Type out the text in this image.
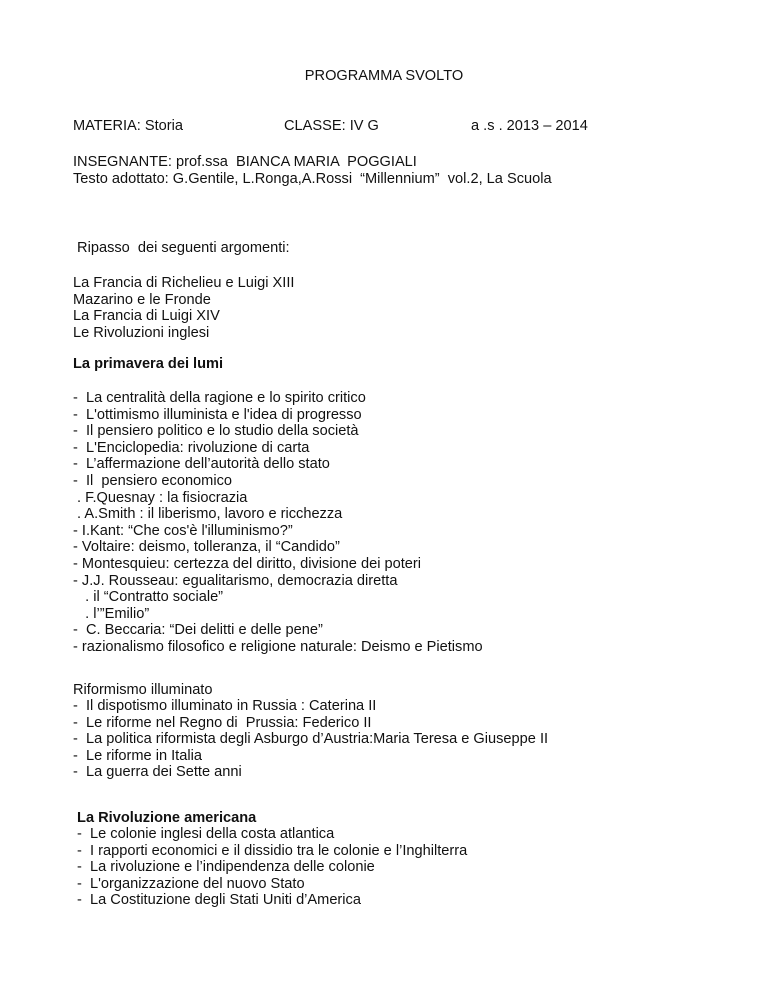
PROGRAMMA SVOLTO
MATERIA: Storia	CLASSE: IV G	a .s . 2013 – 2014
INSEGNANTE: prof.ssa  BIANCA MARIA  POGGIALI
Testo adottato: G.Gentile, L.Ronga,A.Rossi  “Millennium”  vol.2, La Scuola
Ripasso  dei seguenti argomenti:
La Francia di Richelieu e Luigi XIII
Mazarino e le Fronde
La Francia di Luigi XIV
Le Rivoluzioni inglesi
La primavera dei lumi
-  La centralità della ragione e lo spirito critico
-  L'ottimismo illuminista e l'idea di progresso
-  Il pensiero politico e lo studio della società
-  L'Enciclopedia: rivoluzione di carta
-  L’affermazione dell’autorità dello stato
-  Il  pensiero economico
. F.Quesnay : la fisiocrazia
. A.Smith : il liberismo, lavoro e ricchezza
- I.Kant: “Che cos'è l'illuminismo?”
- Voltaire: deismo, tolleranza, il “Candido”
- Montesquieu: certezza del diritto, divisione dei poteri
- J.J. Rousseau: egualitarismo, democrazia diretta
. il “Contratto sociale”
. l’”Emilio”
-  C. Beccaria: “Dei delitti e delle pene”
- razionalismo filosofico e religione naturale: Deismo e Pietismo
Riformismo illuminato
-  Il dispotismo illuminato in Russia : Caterina II
-  Le riforme nel Regno di  Prussia: Federico II
-  La politica riformista degli Asburgo d’Austria:Maria Teresa e Giuseppe II
-  Le riforme in Italia
-  La guerra dei Sette anni
La Rivoluzione americana
-  Le colonie inglesi della costa atlantica
-  I rapporti economici e il dissidio tra le colonie e l’Inghilterra
-  La rivoluzione e l’indipendenza delle colonie
-  L'organizzazione del nuovo Stato
-  La Costituzione degli Stati Uniti d’America
